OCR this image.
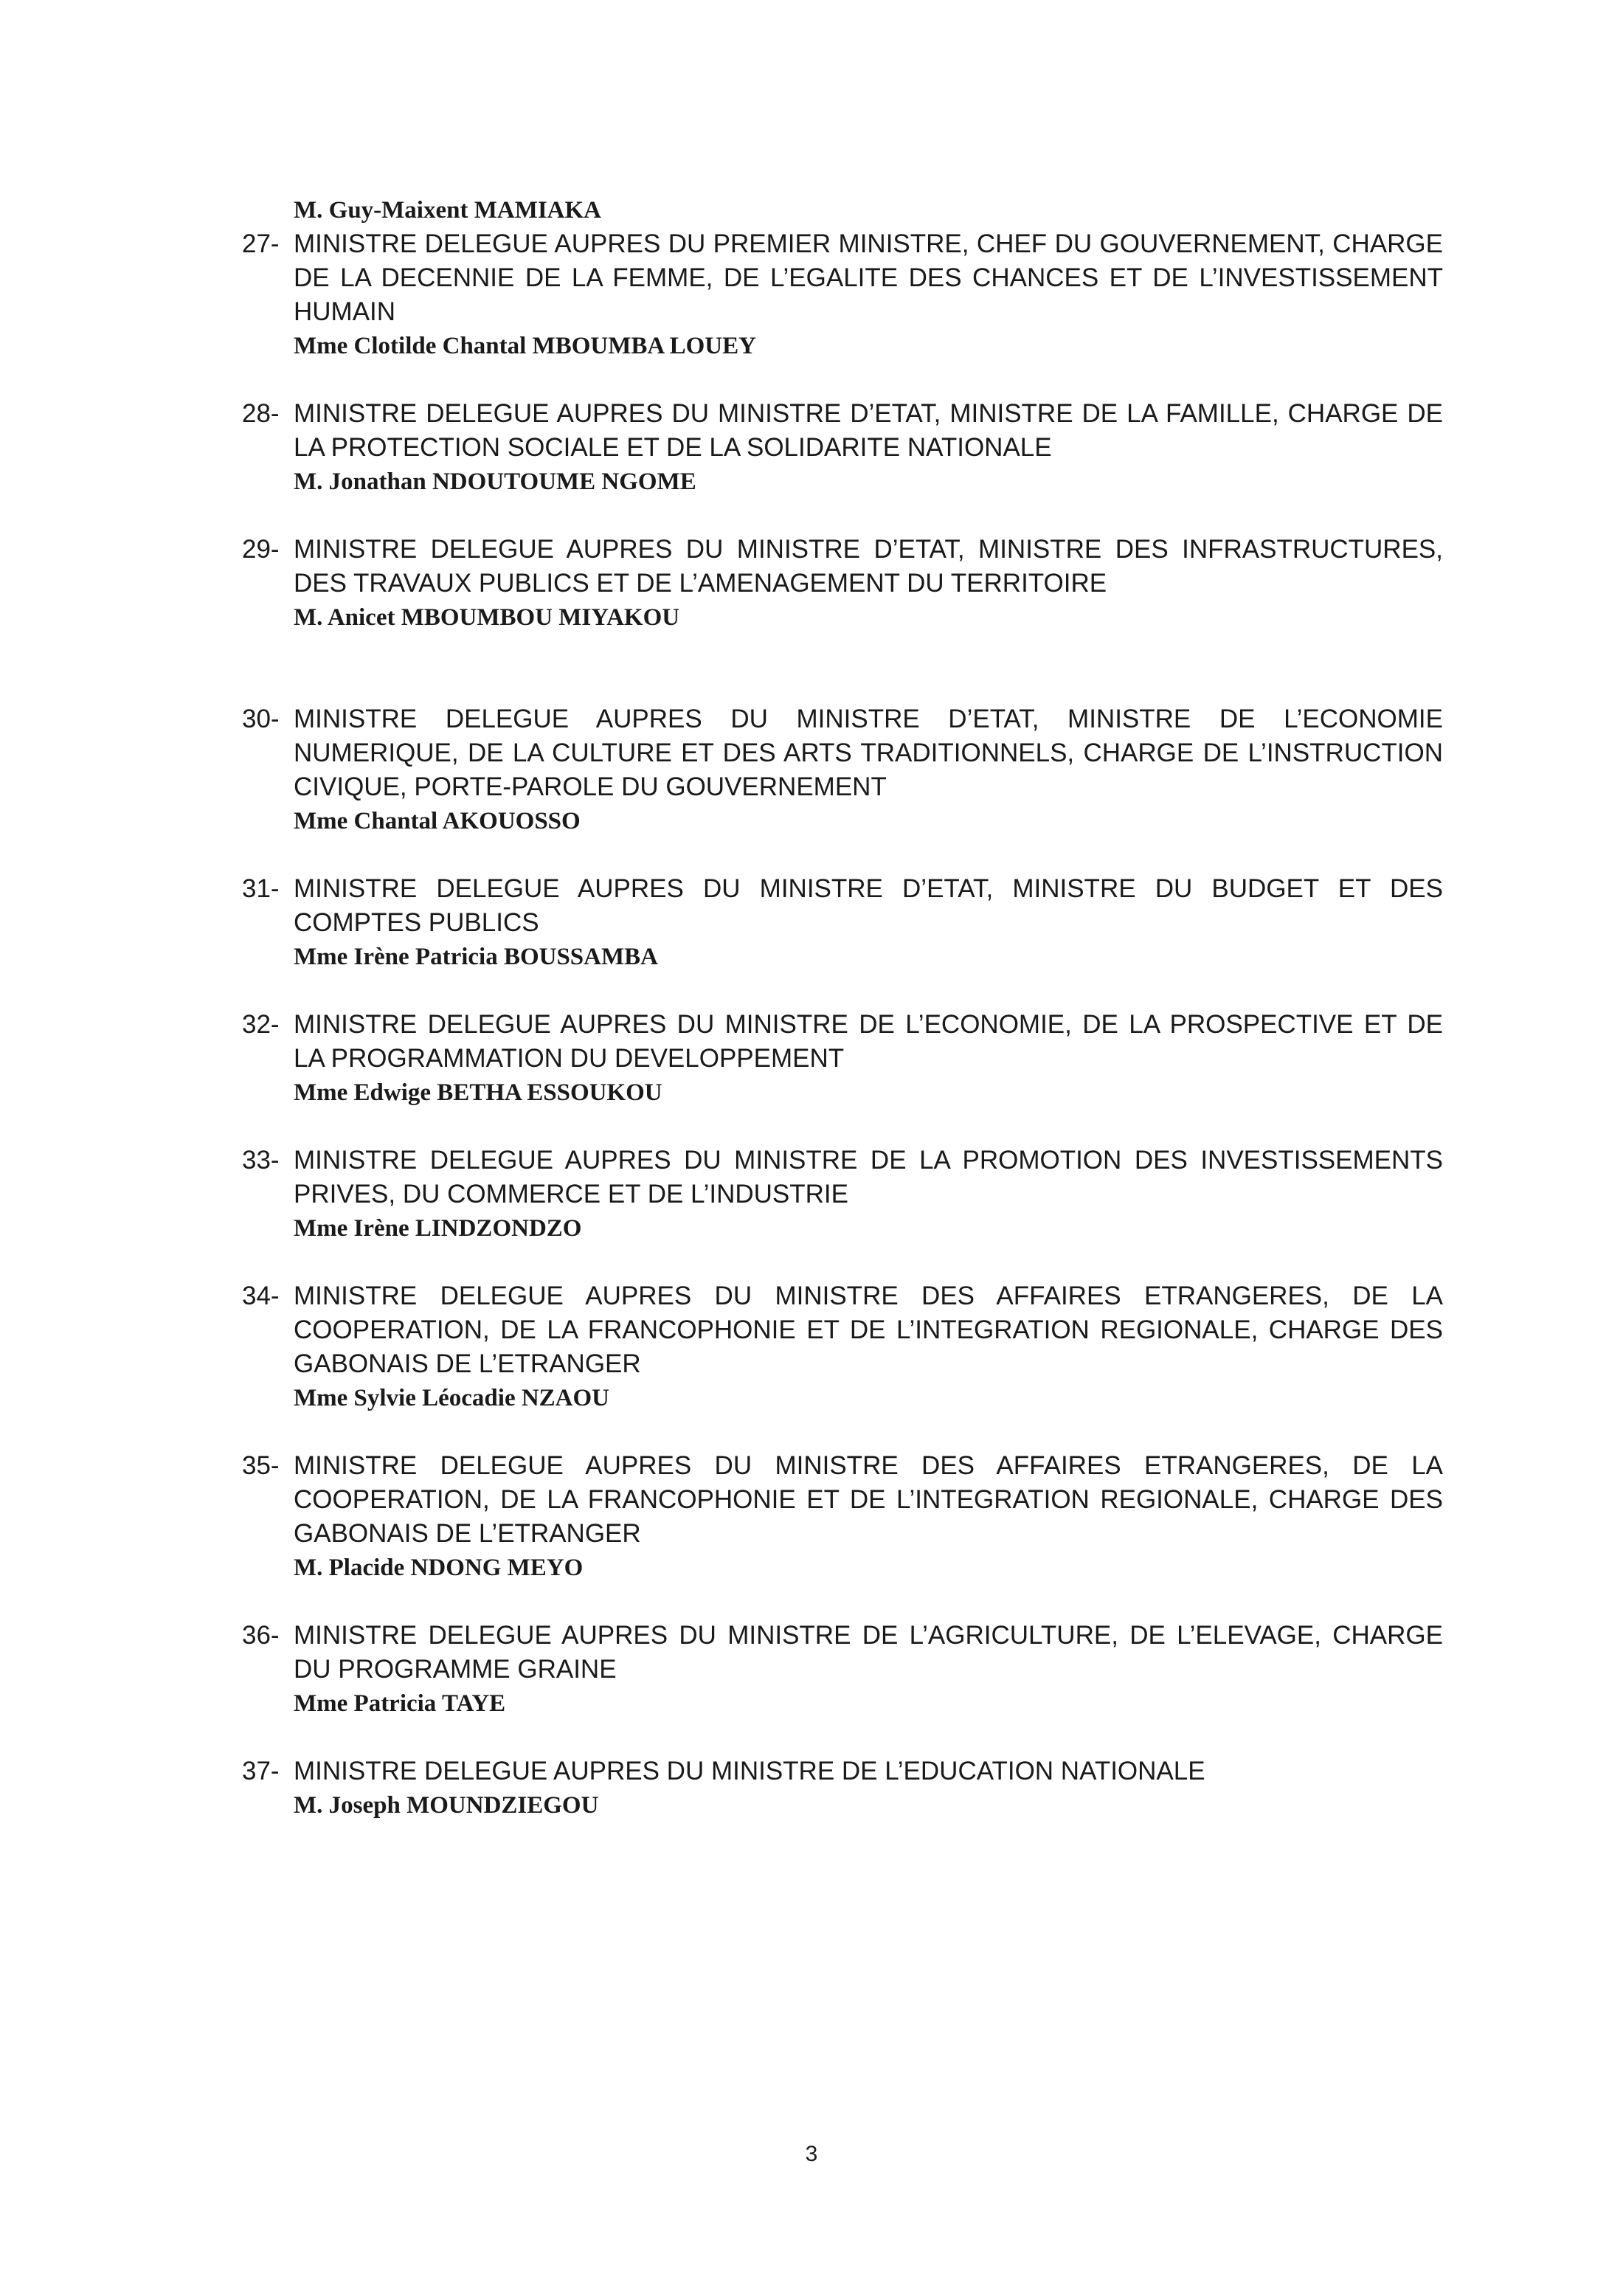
M. Guy-Maixent MAMIAKA
27- MINISTRE DELEGUE AUPRES DU PREMIER MINISTRE, CHEF DU GOUVERNEMENT, CHARGE DE LA DECENNIE DE LA FEMME, DE L’EGALITE DES CHANCES ET DE L’INVESTISSEMENT HUMAIN
Mme Clotilde Chantal MBOUMBA LOUEY
28- MINISTRE DELEGUE AUPRES DU MINISTRE D’ETAT, MINISTRE DE LA FAMILLE, CHARGE DE LA PROTECTION SOCIALE ET DE LA SOLIDARITE NATIONALE
M. Jonathan NDOUTOUME NGOME
29- MINISTRE DELEGUE AUPRES DU MINISTRE D’ETAT, MINISTRE DES INFRASTRUCTURES, DES TRAVAUX PUBLICS ET DE L’AMENAGEMENT DU TERRITOIRE
M. Anicet MBOUMBOU MIYAKOU
30- MINISTRE DELEGUE AUPRES DU MINISTRE D’ETAT, MINISTRE DE L’ECONOMIE NUMERIQUE, DE LA CULTURE ET DES ARTS TRADITIONNELS, CHARGE DE L’INSTRUCTION CIVIQUE, PORTE-PAROLE DU GOUVERNEMENT
Mme Chantal AKOUOSSO
31- MINISTRE DELEGUE AUPRES DU MINISTRE D’ETAT, MINISTRE DU BUDGET ET DES COMPTES PUBLICS
Mme Irène Patricia BOUSSAMBA
32- MINISTRE DELEGUE AUPRES DU MINISTRE DE L’ECONOMIE, DE LA PROSPECTIVE ET DE LA PROGRAMMATION DU DEVELOPPEMENT
Mme Edwige BETHA ESSOUKOU
33- MINISTRE DELEGUE AUPRES DU MINISTRE DE LA PROMOTION DES INVESTISSEMENTS PRIVES, DU COMMERCE ET DE L’INDUSTRIE
Mme Irène LINDZONDZO
34- MINISTRE DELEGUE AUPRES DU MINISTRE DES AFFAIRES ETRANGERES, DE LA COOPERATION, DE LA FRANCOPHONIE ET DE L’INTEGRATION REGIONALE, CHARGE DES GABONAIS DE L’ETRANGER
Mme Sylvie Léocadie NZAOU
35- MINISTRE DELEGUE AUPRES DU MINISTRE DES AFFAIRES ETRANGERES, DE LA COOPERATION, DE LA FRANCOPHONIE ET DE L’INTEGRATION REGIONALE, CHARGE DES GABONAIS DE L’ETRANGER
M. Placide NDONG MEYO
36- MINISTRE DELEGUE AUPRES DU MINISTRE DE L’AGRICULTURE, DE L’ELEVAGE, CHARGE DU PROGRAMME GRAINE
Mme Patricia TAYE
37- MINISTRE DELEGUE AUPRES DU MINISTRE DE L’EDUCATION NATIONALE
M. Joseph MOUNDZIEGOU
3
